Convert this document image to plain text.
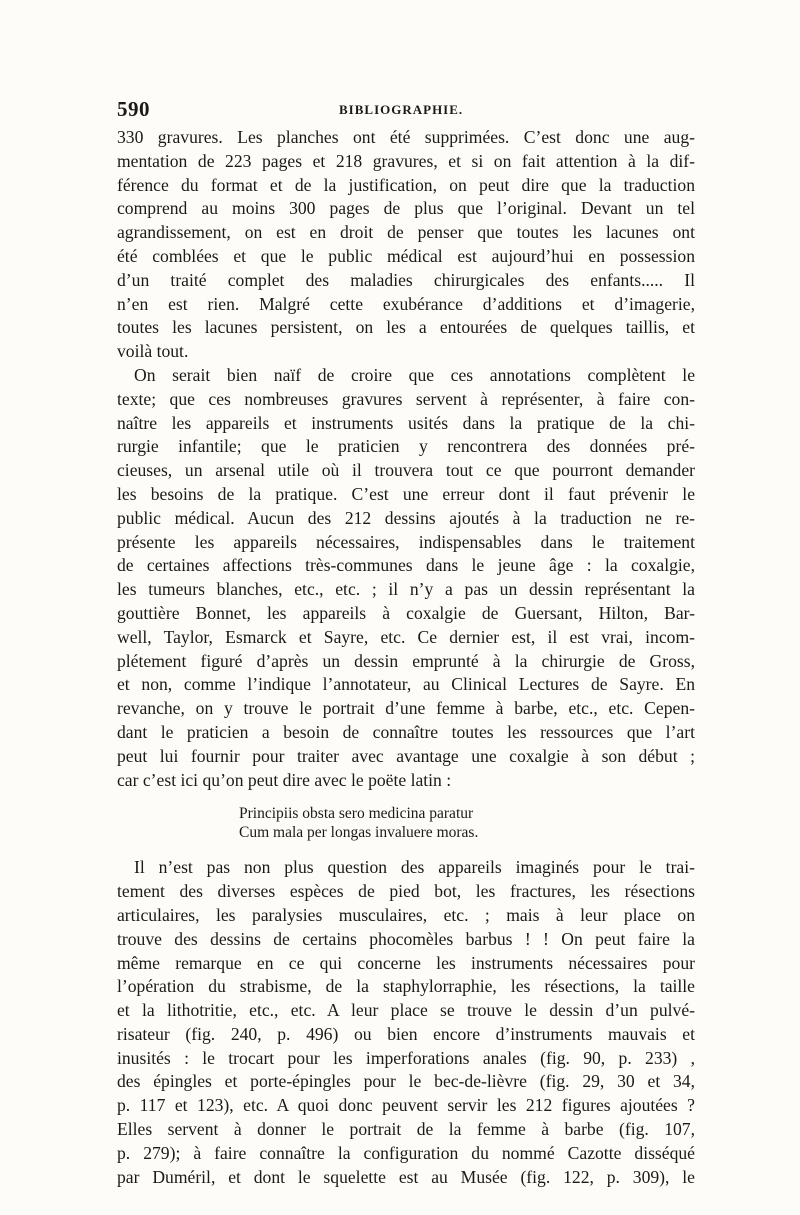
590	BIBLIOGRAPHIE.
330 gravures. Les planches ont été supprimées. C’est donc une aug-
mentation de 223 pages et 218 gravures, et si on fait attention à la dif-
férence du format et de la justification, on peut dire que la traduction
comprend au moins 300 pages de plus que l’original. Devant un tel
agrandissement, on est en droit de penser que toutes les lacunes ont
été comblées et que le public médical est aujourd’hui en possession
d’un traité complet des maladies chirurgicales des enfants..... Il
n’en est rien. Malgré cette exubérance d’additions et d’imagerie,
toutes les lacunes persistent, on les a entourées de quelques taillis, et
voilà tout.
On serait bien naïf de croire que ces annotations complètent le
texte; que ces nombreuses gravures servent à représenter, à faire con-
naître les appareils et instruments usités dans la pratique de la chi-
rurgie infantile; que le praticien y rencontrera des données pré-
cieuses, un arsenal utile où il trouvera tout ce que pourront demander
les besoins de la pratique. C’est une erreur dont il faut prévenir le
public médical. Aucun des 212 dessins ajoutés à la traduction ne re-
présente les appareils nécessaires, indispensables dans le traitement
de certaines affections très-communes dans le jeune âge : la coxalgie,
les tumeurs blanches, etc., etc. ; il n’y a pas un dessin représentant la
gouttière Bonnet, les appareils à coxalgie de Guersant, Hilton, Bar-
well, Taylor, Esmarck et Sayre, etc. Ce dernier est, il est vrai, incom-
plétement figuré d’après un dessin emprunté à la chirurgie de Gross,
et non, comme l’indique l’annotateur, au Clinical Lectures de Sayre. En
revanche, on y trouve le portrait d’une femme à barbe, etc., etc. Cepen-
dant le praticien a besoin de connaître toutes les ressources que l’art
peut lui fournir pour traiter avec avantage une coxalgie à son début ;
car c’est ici qu’on peut dire avec le poëte latin :
Principiis obsta sero medicina paratur
Cum mala per longas invaluere moras.
Il n’est pas non plus question des appareils imaginés pour le trai-
tement des diverses espèces de pied bot, les fractures, les résections
articulaires, les paralysies musculaires, etc. ; mais à leur place on
trouve des dessins de certains phocomèles barbus ! ! On peut faire la
même remarque en ce qui concerne les instruments nécessaires pour
l’opération du strabisme, de la staphylorraphie, les résections, la taille
et la lithotritie, etc., etc. A leur place se trouve le dessin d’un pulvé-
risateur (fig. 240, p. 496) ou bien encore d’instruments mauvais et
inusités : le trocart pour les imperforations anales (fig. 90, p. 233) ,
des épingles et porte-épingles pour le bec-de-lièvre (fig. 29, 30 et 34,
p. 117 et 123), etc. A quoi donc peuvent servir les 212 figures ajoutées ?
Elles servent à donner le portrait de la femme à barbe (fig. 107,
p. 279); à faire connaître la configuration du nommé Cazotte disséqué
par Duméril, et dont le squelette est au Musée (fig. 122, p. 309), le
